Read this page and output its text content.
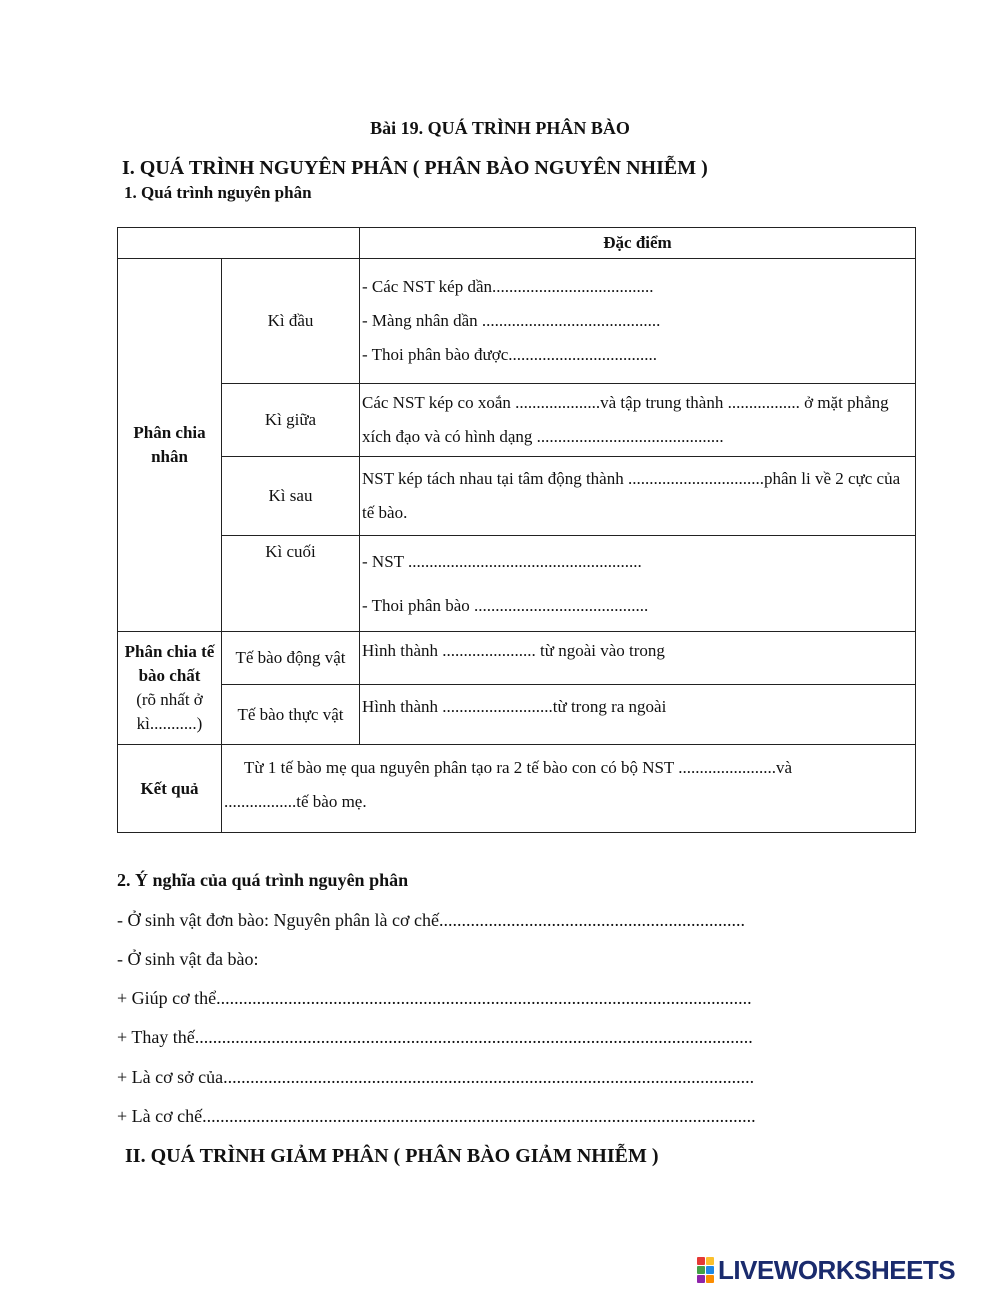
Bài 19. QUÁ TRÌNH PHÂN BÀO
I. QUÁ TRÌNH NGUYÊN PHÂN ( PHÂN BÀO NGUYÊN NHIỄM )
1. Quá trình nguyên phân
		Đặc điểm

Phân chia nhân	Kì đầu	- Các NST kép dần......................................
- Màng nhân dần ..........................................
- Thoi phân bào được...................................

	Kì giữa	Các NST kép co xoắn ....................và tập trung thành ................. ở mặt phẳng xích đạo và có hình dạng ............................................

	Kì sau	NST kép tách nhau tại tâm động thành ................................phân li về 2 cực của tế bào.

	Kì cuối	- NST .......................................................
- Thoi phân bào .........................................

Phân chia tế bào chất
(rõ nhất ở kì...........)	Tế bào động vật	Hình thành ...................... từ ngoài vào trong

	Tế bào thực vật	Hình thành ..........................từ trong ra ngoài

Kết quả	Từ 1 tế bào mẹ qua nguyên phân tạo ra 2 tế bào con có bộ NST .......................và
.................tế bào mẹ.	
2. Ý nghĩa của quá trình nguyên phân
- Ở sinh vật đơn bào: Nguyên phân là cơ chế....................................................................
- Ở sinh vật đa bào:
+ Giúp cơ thể.......................................................................................................................
+ Thay thế............................................................................................................................
+ Là cơ sở của......................................................................................................................
+ Là cơ chế...........................................................................................................................
II. QUÁ TRÌNH GIẢM PHÂN ( PHÂN BÀO GIẢM NHIỄM )
LIVEWORKSHEETS
